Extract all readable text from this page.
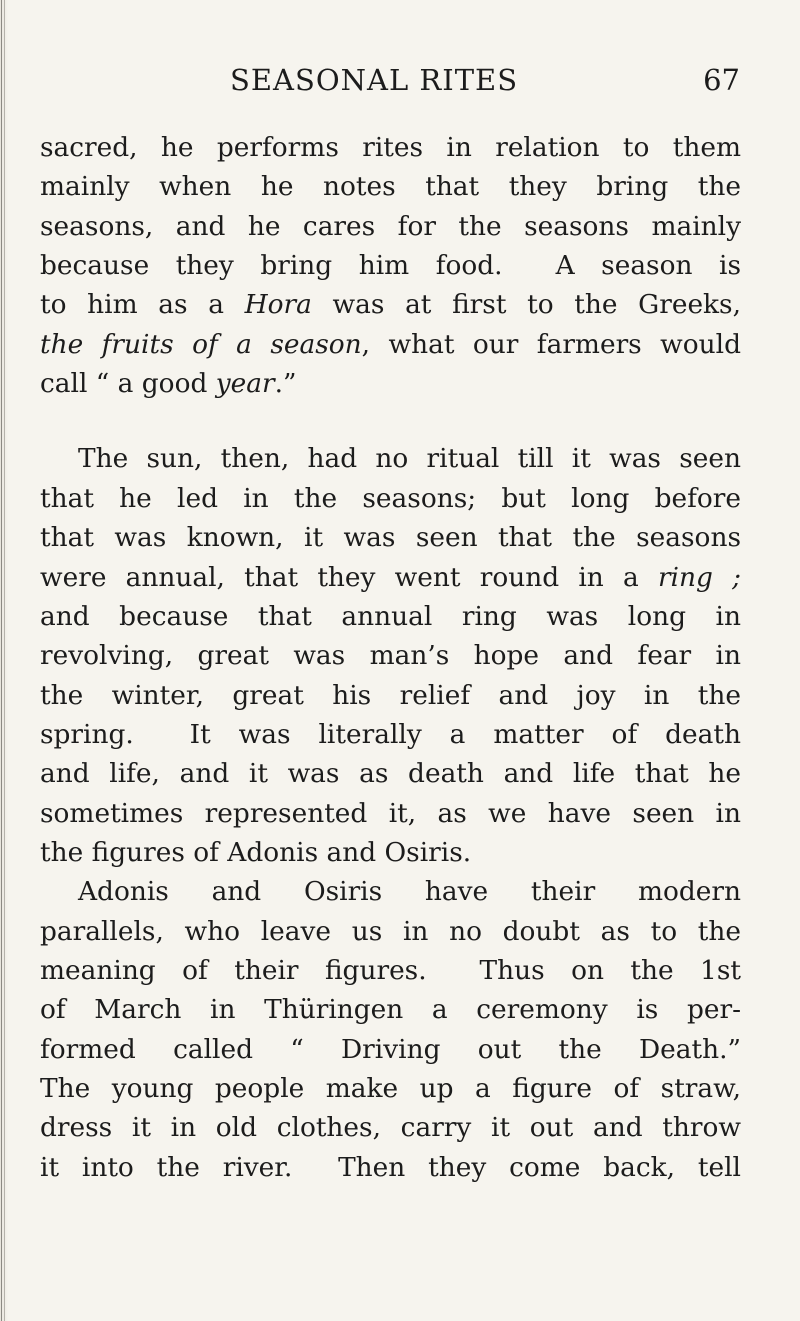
SEASONAL RITES	67
sacred, he performs rites in relation to them
mainly when he notes that they bring the
seasons, and he cares for the seasons mainly
because they bring him food.  A season is
to him as a Hora was at first to the Greeks,
the fruits of a season, what our farmers would
call “ a good year.”
The sun, then, had no ritual till it was seen
that he led in the seasons; but long before
that was known, it was seen that the seasons
were annual, that they went round in a ring ;
and because that annual ring was long in
revolving, great was man’s hope and fear in
the winter, great his relief and joy in the
spring.  It was literally a matter of death
and life, and it was as death and life that he
sometimes represented it, as we have seen in
the figures of Adonis and Osiris.
Adonis and Osiris have their modern
parallels, who leave us in no doubt as to the
meaning of their figures.  Thus on the 1st
of March in Thüringen a ceremony is per-
formed called “ Driving out the Death.”
The young people make up a figure of straw,
dress it in old clothes, carry it out and throw
it into the river.  Then they come back, tell
